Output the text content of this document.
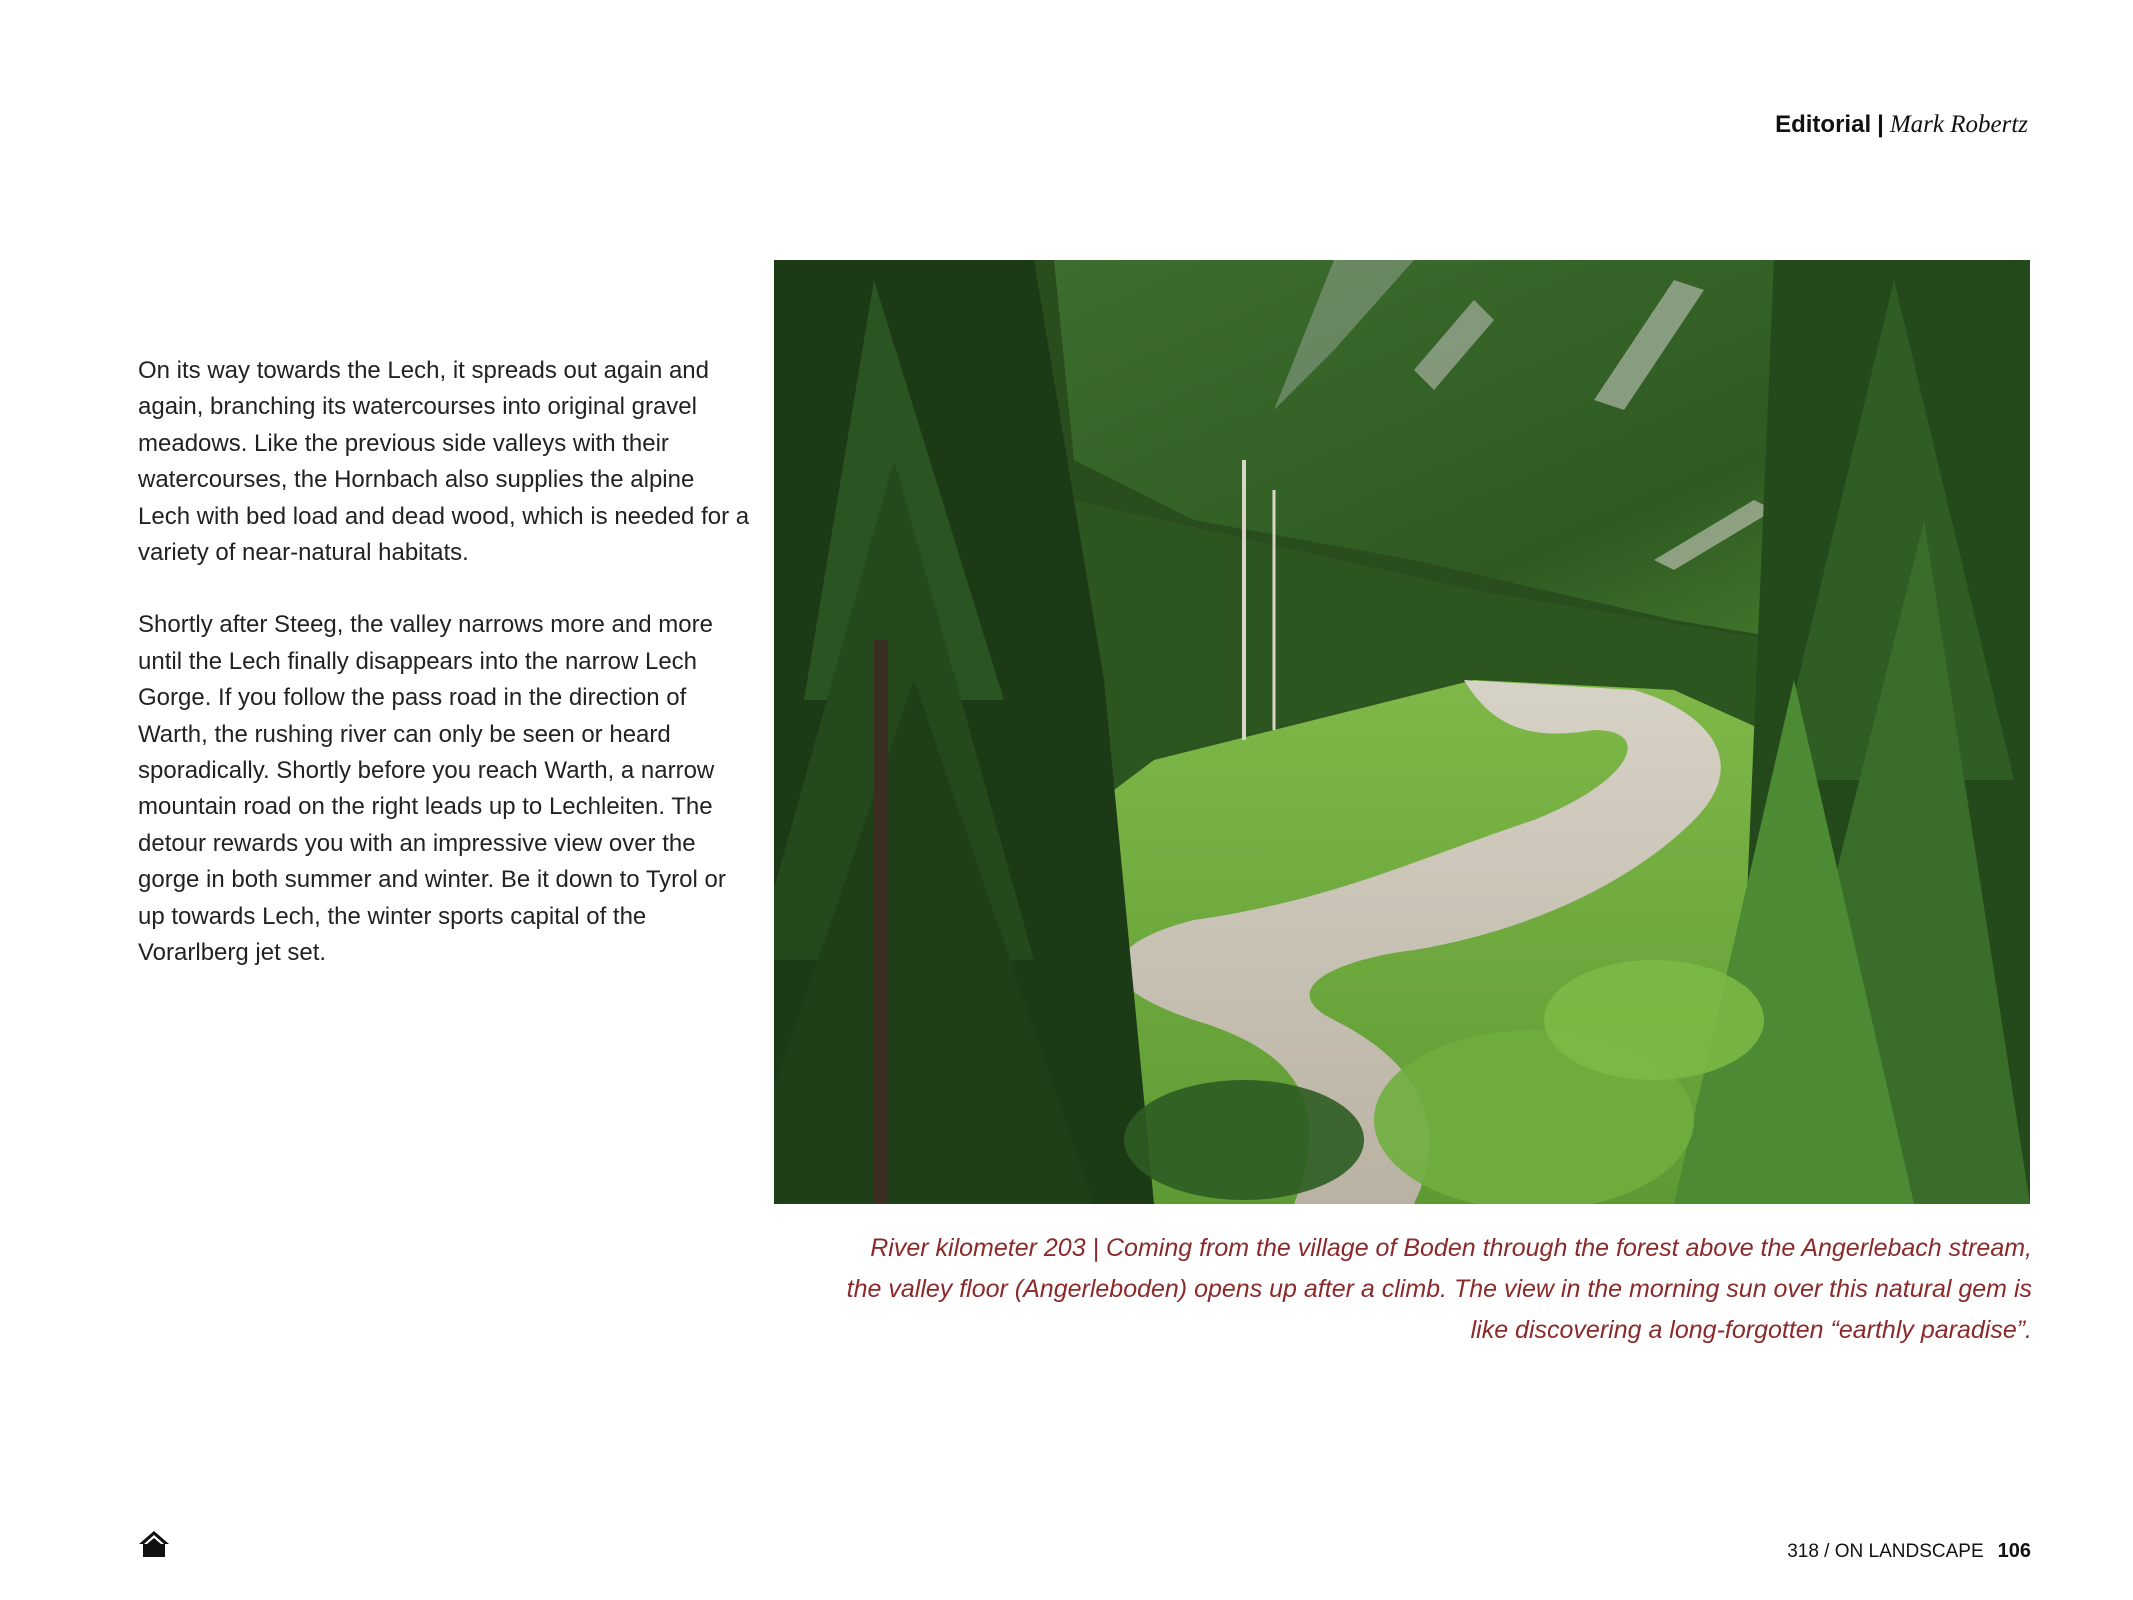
Editorial | Mark Robertz

On its way towards the Lech, it spreads out again and again, branching its watercourses into original gravel meadows. Like the previous side valleys with their watercourses, the Hornbach also supplies the alpine Lech with bed load and dead wood, which is needed for a variety of near-natural habitats.

Shortly after Steeg, the valley narrows more and more until the Lech finally disappears into the narrow Lech Gorge. If you follow the pass road in the direction of Warth, the rushing river can only be seen or heard sporadically. Shortly before you reach Warth, a narrow mountain road on the right leads up to Lechleiten. The detour rewards you with an impressive view over the gorge in both summer and winter. Be it down to Tyrol or up towards Lech, the winter sports capital of the Vorarlberg jet set.

River kilometer 203 | Coming from the village of Boden through the forest above the Angerlebach stream,
the valley floor (Angerleboden) opens up after a climb. The view in the morning sun over this natural gem is
like discovering a long-forgotten “earthly paradise”.
318 / ON LANDSCAPE 106
